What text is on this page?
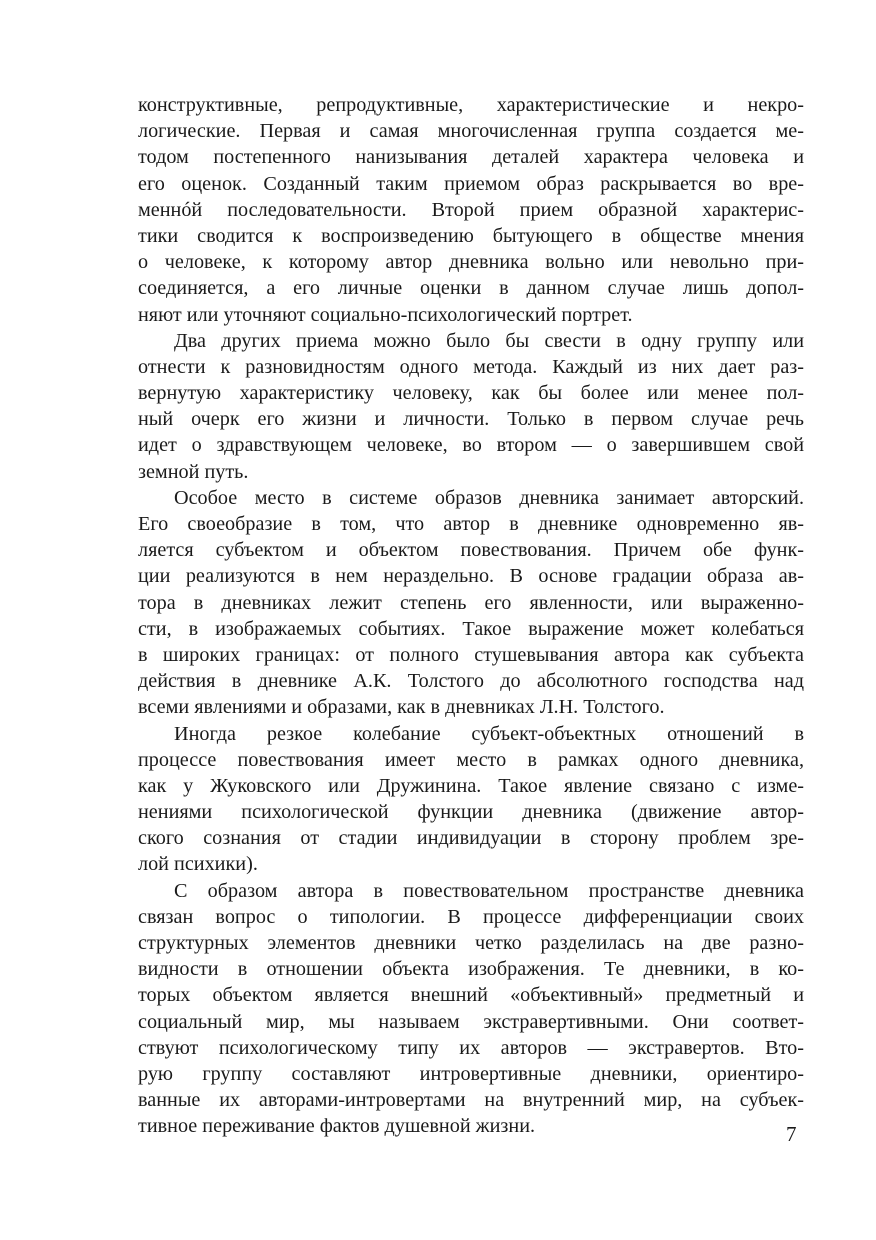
конструктивные, репродуктивные, характеристические и некро-
логические. Первая и самая многочисленная группа создается ме-
тодом постепенного нанизывания деталей характера человека и
его оценок. Созданный таким приемом образ раскрывается во вре-
меннóй последовательности. Второй прием образной характерис-
тики сводится к воспроизведению бытующего в обществе мнения
о человеке, к которому автор дневника вольно или невольно при-
соединяется, а его личные оценки в данном случае лишь допол-
няют или уточняют социально-психологический портрет.
Два других приема можно было бы свести в одну группу или
отнести к разновидностям одного метода. Каждый из них дает раз-
вернутую характеристику человеку, как бы более или менее пол-
ный очерк его жизни и личности. Только в первом случае речь
идет о здравствующем человеке, во втором — о завершившем свой
земной путь.
Особое место в системе образов дневника занимает авторский.
Его своеобразие в том, что автор в дневнике одновременно яв-
ляется субъектом и объектом повествования. Причем обе функ-
ции реализуются в нем нераздельно. В основе градации образа ав-
тора в дневниках лежит степень его явленности, или выраженно-
сти, в изображаемых событиях. Такое выражение может колебаться
в широких границах: от полного стушевывания автора как субъекта
действия в дневнике А.К. Толстого до абсолютного господства над
всеми явлениями и образами, как в дневниках Л.Н. Толстого.
Иногда резкое колебание субъект-объектных отношений в
процессе повествования имеет место в рамках одного дневника,
как у Жуковского или Дружинина. Такое явление связано с изме-
нениями психологической функции дневника (движение автор-
ского сознания от стадии индивидуации в сторону проблем зре-
лой психики).
С образом автора в повествовательном пространстве дневника
связан вопрос о типологии. В процессе дифференциации своих
структурных элементов дневники четко разделилась на две разно-
видности в отношении объекта изображения. Те дневники, в ко-
торых объектом является внешний «объективный» предметный и
социальный мир, мы называем экстравертивными. Они соответ-
ствуют психологическому типу их авторов — экстравертов. Вто-
рую группу составляют интровертивные дневники, ориентиро-
ванные их авторами-интровертами на внутренний мир, на субъек-
тивное переживание фактов душевной жизни.	7
